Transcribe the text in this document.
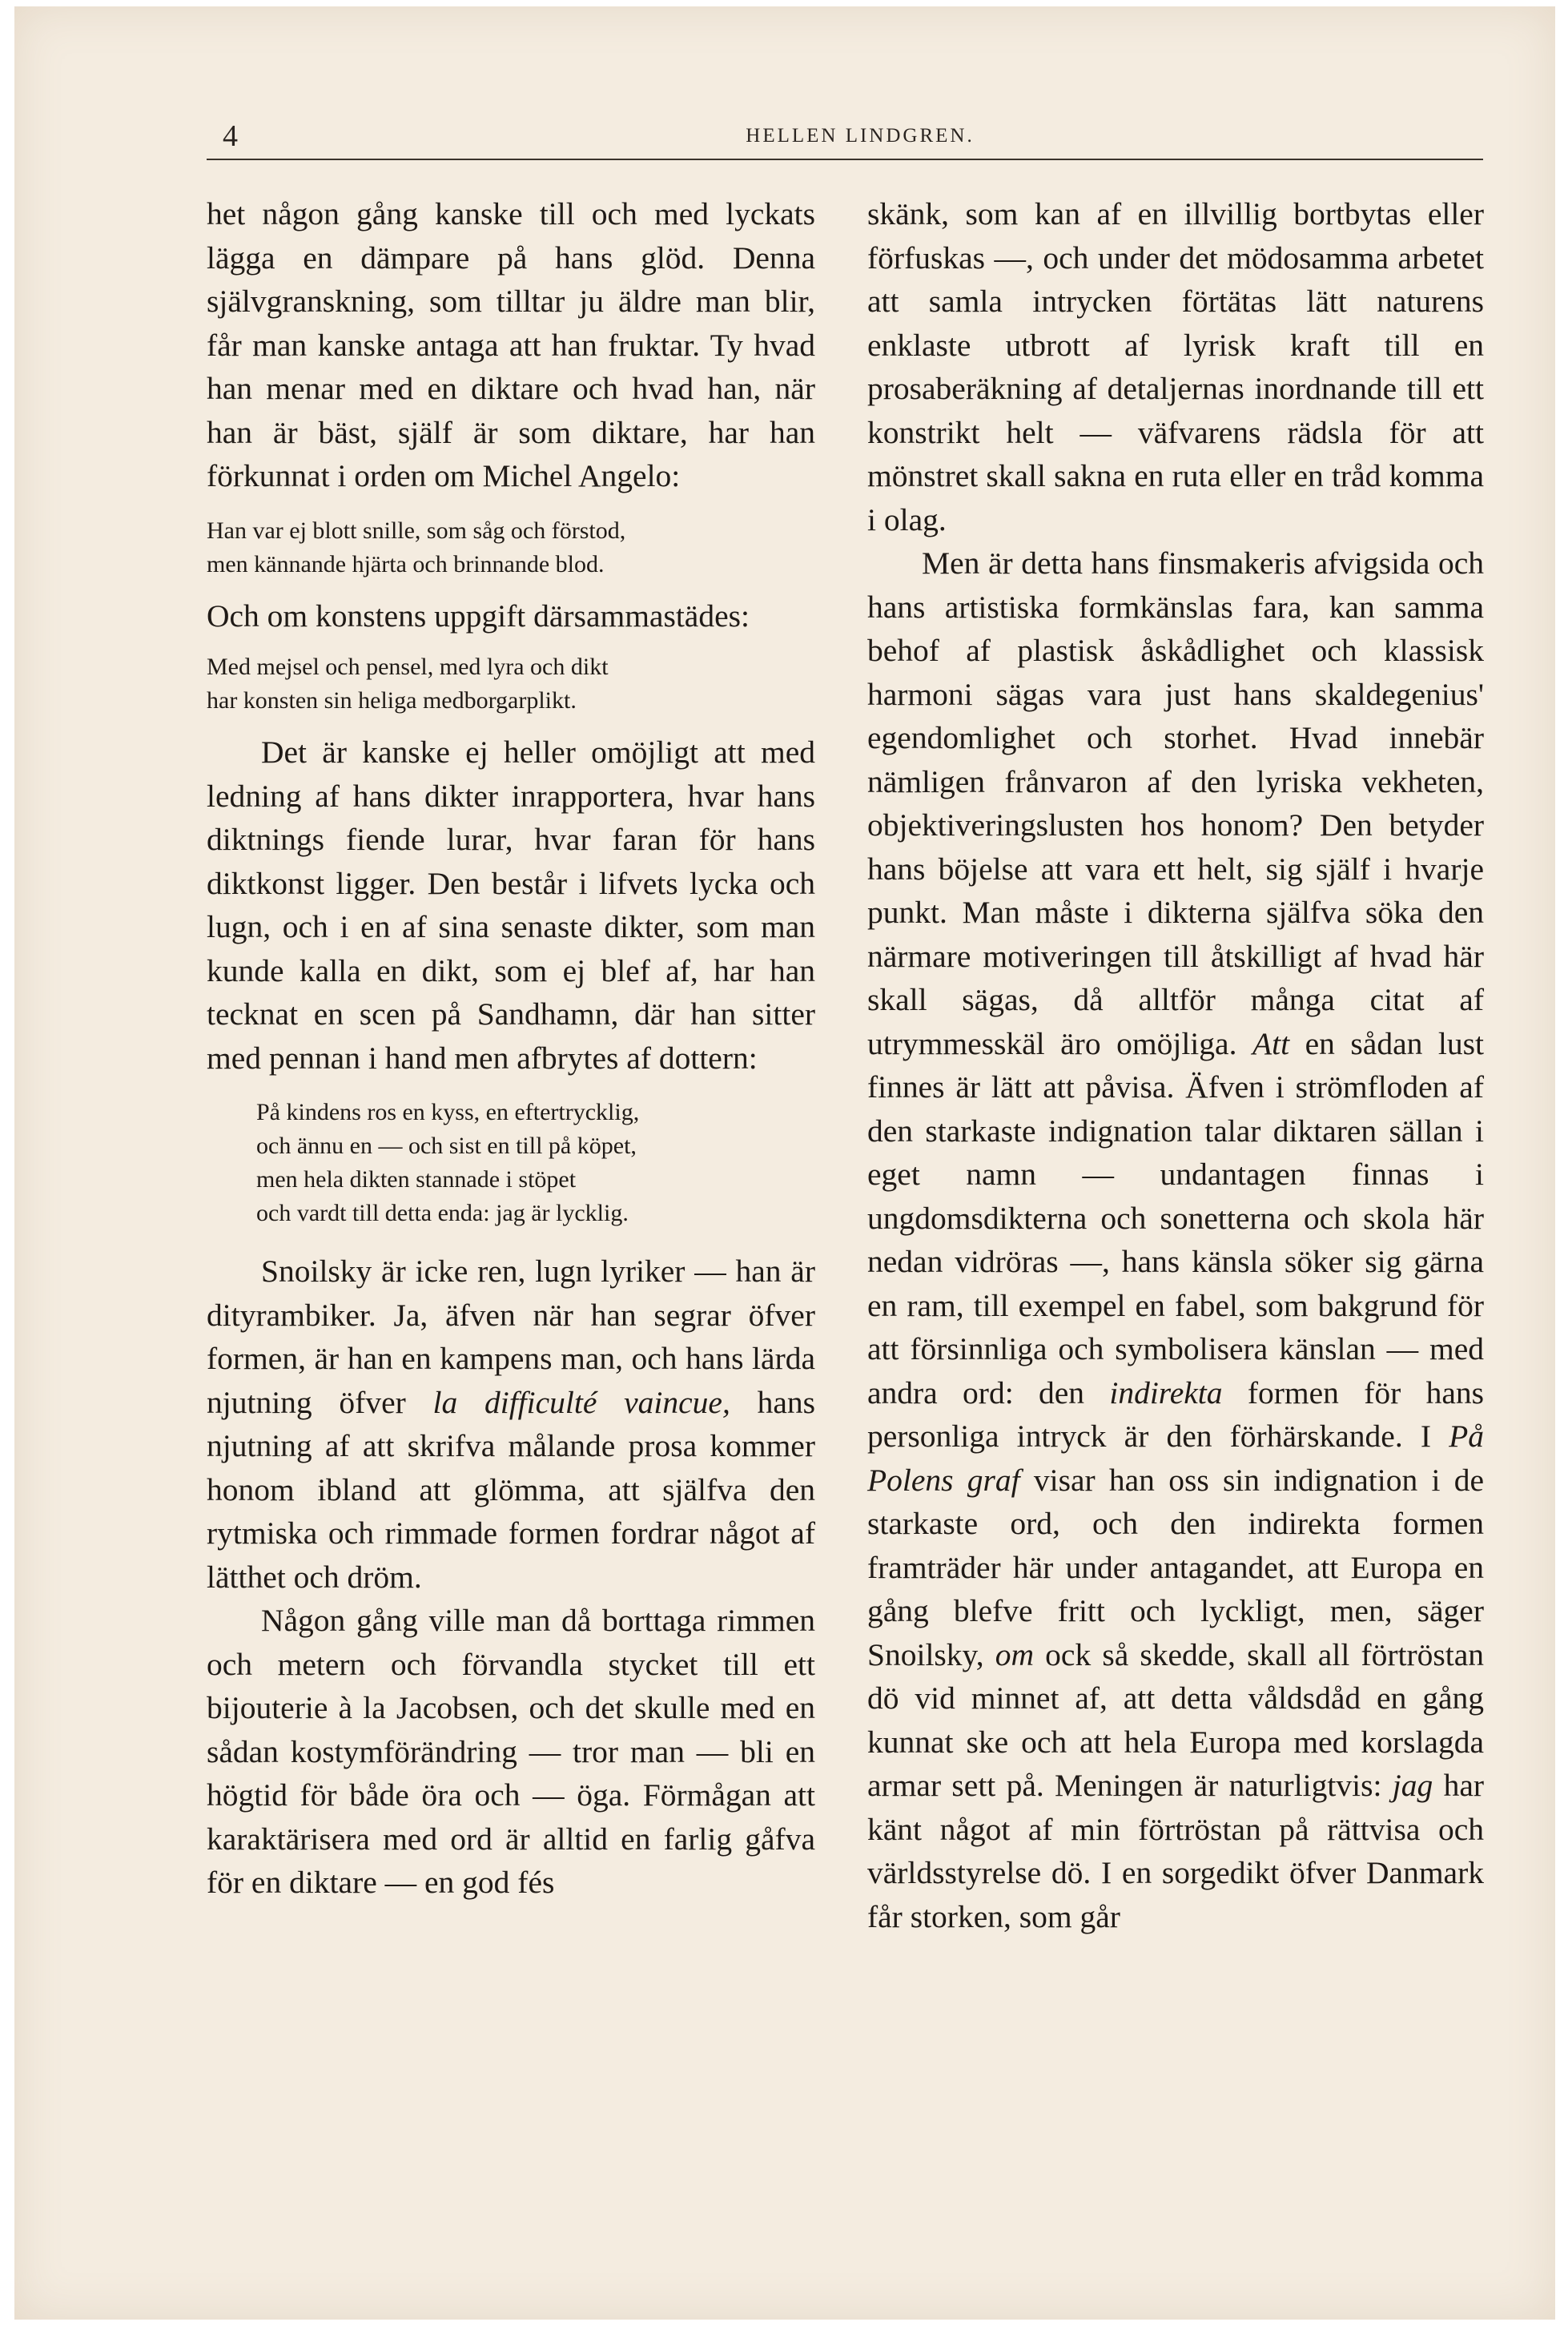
4	HELLEN LINDGREN.

het någon gång kanske till och med lyckats lägga en dämpare på hans glöd. Denna självgranskning, som tilltar ju äldre man blir, får man kanske antaga att han fruktar. Ty hvad han menar med en diktare och hvad han, när han är bäst, själf är som diktare, har han förkunnat i orden om Michel Angelo:

Han var ej blott snille, som såg och förstod,
men kännande hjärta och brinnande blod.

Och om konstens uppgift därsammastädes:

Med mejsel och pensel, med lyra och dikt
har konsten sin heliga medborgarplikt.

Det är kanske ej heller omöjligt att med ledning af hans dikter inrapportera, hvar hans diktnings fiende lurar, hvar faran för hans diktkonst ligger. Den består i lifvets lycka och lugn, och i en af sina senaste dikter, som man kunde kalla en dikt, som ej blef af, har han tecknat en scen på Sandhamn, där han sitter med pennan i hand men afbrytes af dottern:

På kindens ros en kyss, en eftertrycklig,
och ännu en — och sist en till på köpet,
men hela dikten stannade i stöpet
och vardt till detta enda: jag är lycklig.

Snoilsky är icke ren, lugn lyriker — han är dityrambiker. Ja, äfven när han segrar öfver formen, är han en kampens man, och hans lärda njutning öfver la difficulté vaincue, hans njutning af att skrifva målande prosa kommer honom ibland att glömma, att själfva den rytmiska och rimmade formen fordrar något af lätthet och dröm.

Någon gång ville man då borttaga rimmen och metern och förvandla stycket till ett bijouterie à la Jacobsen, och det skulle med en sådan kostymförändring — tror man — bli en högtid för både öra och — öga. Förmågan att karaktärisera med ord är alltid en farlig gåfva för en diktare — en god fés

skänk, som kan af en illvillig bortbytas eller förfuskas —, och under det mödosamma arbetet att samla intrycken förtätas lätt naturens enklaste utbrott af lyrisk kraft till en prosaberäkning af detaljernas inordnande till ett konstrikt helt — väfvarens rädsla för att mönstret skall sakna en ruta eller en tråd komma i olag.

Men är detta hans finsmakeris afvigsida och hans artistiska formkänslas fara, kan samma behof af plastisk åskådlighet och klassisk harmoni sägas vara just hans skaldegenius' egendomlighet och storhet. Hvad innebär nämligen frånvaron af den lyriska vekheten, objektiveringslusten hos honom? Den betyder hans böjelse att vara ett helt, sig själf i hvarje punkt. Man måste i dikterna själfva söka den närmare motiveringen till åtskilligt af hvad här skall sägas, då alltför många citat af utrymmesskäl äro omöjliga. Att en sådan lust finnes är lätt att påvisa. Äfven i strömfloden af den starkaste indignation talar diktaren sällan i eget namn — undantagen finnas i ungdomsdikterna och sonetterna och skola här nedan vidröras —, hans känsla söker sig gärna en ram, till exempel en fabel, som bakgrund för att försinnliga och symbolisera känslan — med andra ord: den indirekta formen för hans personliga intryck är den förhärskande. I På Polens graf visar han oss sin indignation i de starkaste ord, och den indirekta formen framträder här under antagandet, att Europa en gång blefve fritt och lyckligt, men, säger Snoilsky, om ock så skedde, skall all förtröstan dö vid minnet af, att detta våldsdåd en gång kunnat ske och att hela Europa med korslagda armar sett på. Meningen är naturligtvis: jag har känt något af min förtröstan på rättvisa och världsstyrelse dö. I en sorgedikt öfver Danmark får storken, som går
